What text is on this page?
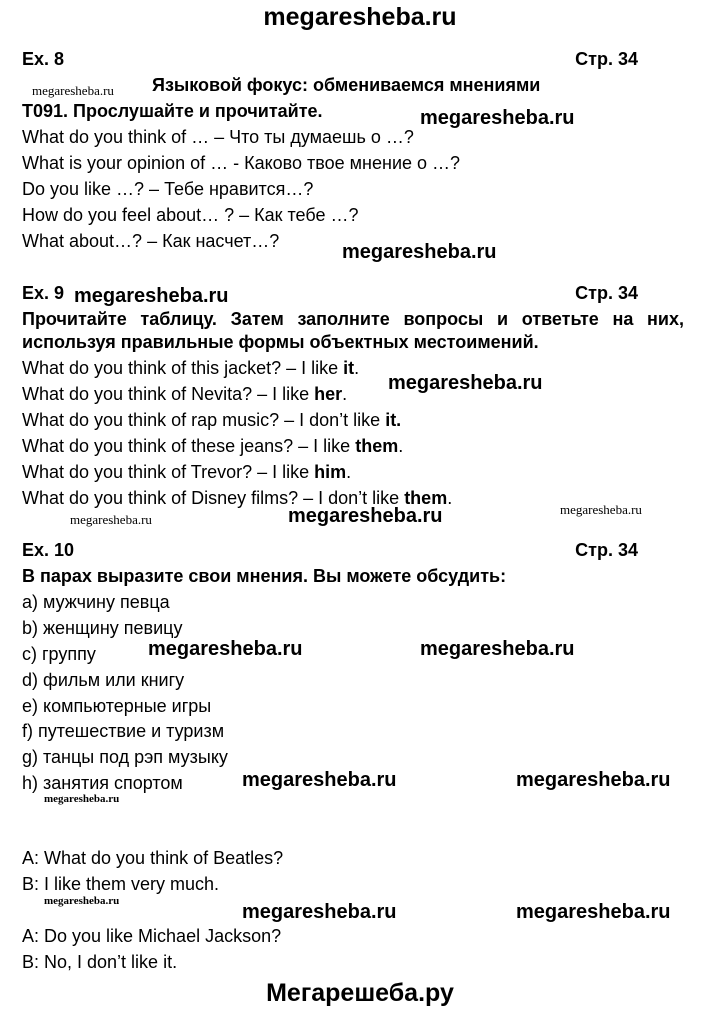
megaresheba.ru
Ex. 8	Стр. 34
megaresheba.ru Языковой фокус: обмениваемся мнениями
T091. Прослушайте и прочитайте.	megaresheba.ru
What do you think of … – Что ты думаешь о …?
What is your opinion of … - Каково твое мнение о …?
Do you like …? – Тебе нравится…?
How do you feel about… ? – Как тебе …?
What about…? – Как насчет…?	megaresheba.ru
Ex. 9 megaresheba.ru	Стр. 34
Прочитайте таблицу. Затем заполните вопросы и ответьте на них,
используя правильные формы объектных местоимений.
What do you think of this jacket? – I like it.
megaresheba.ru
What do you think of Nevita? – I like her.
What do you think of rap music? – I don’t like it.
What do you think of these jeans? – I like them.
What do you think of Trevor? – I like him.
What do you think of Disney films? – I don’t like them.
megaresheba.ru	megaresheba.ru	megaresheba.ru
Ex. 10	Стр. 34
В парах выразите свои мнения. Вы можете обсудить:
a) мужчину певца
b) женщину певицу
c) группу	megaresheba.ru	megaresheba.ru
d) фильм или книгу
e) компьютерные игры
f) путешествие и туризм
g) танцы под рэп музыку
h) занятия спортом	megaresheba.ru	megaresheba.ru
megaresheba.ru
A: What do you think of Beatles?
B: I like them very much.
megaresheba.ru	megaresheba.ru	megaresheba.ru
A: Do you like Michael Jackson?
B: No, I don’t like it.
Мегарешеба.ру
